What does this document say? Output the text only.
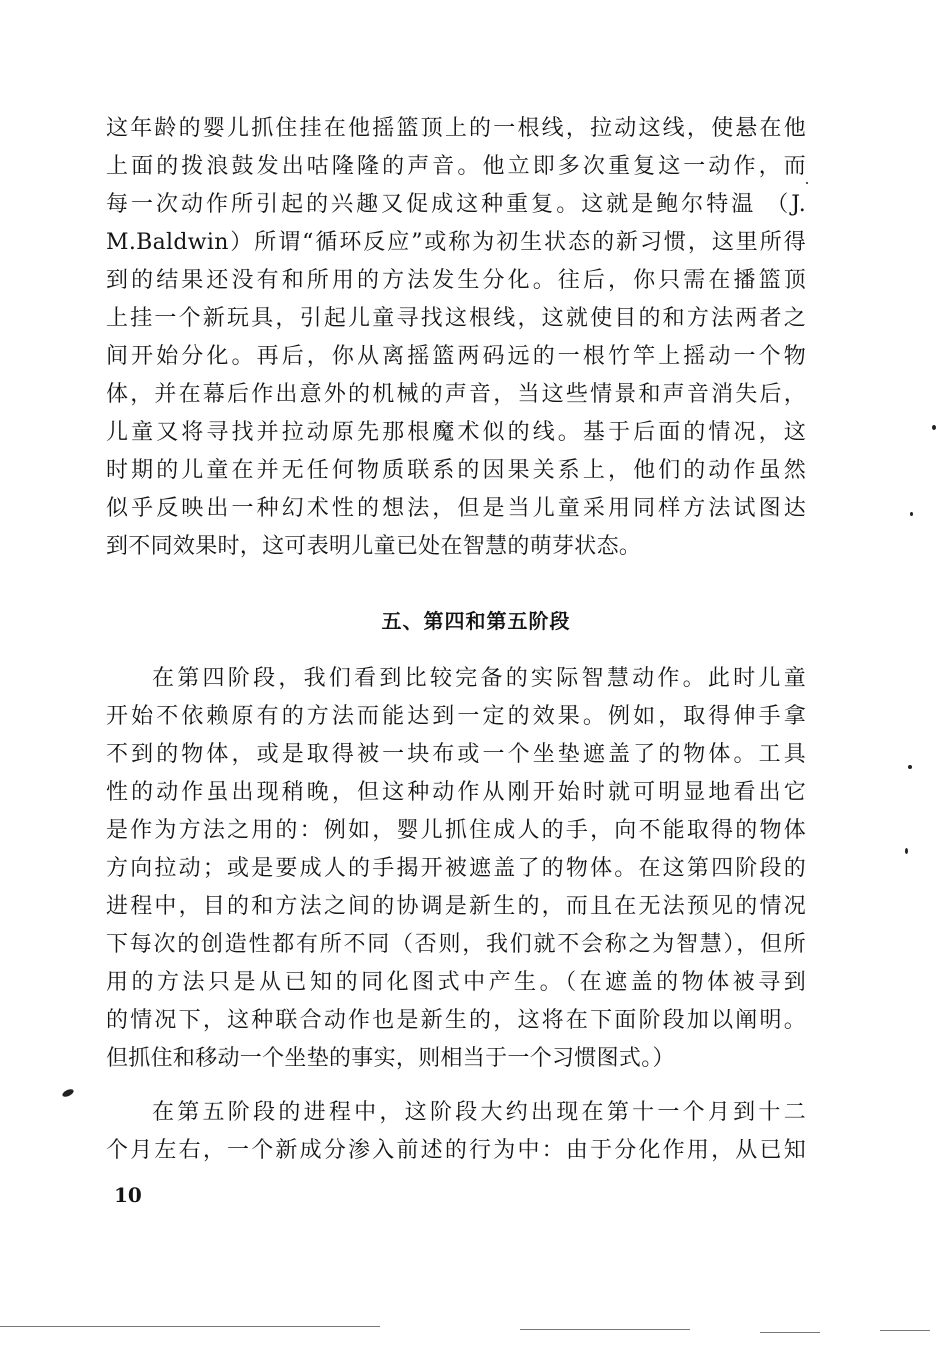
这年龄的婴儿抓住挂在他摇篮顶上的一根线，拉动这线，使悬在他
上面的拨浪鼓发出咕隆隆的声音。他立即多次重复这一动作，而
每一次动作所引起的兴趣又促成这种重复。这就是鲍尔特温 （J.
M.Baldwin）所谓“循环反应”或称为初生状态的新习惯，这里所得
到的结果还没有和所用的方法发生分化。往后，你只需在播篮顶
上挂一个新玩具，引起儿童寻找这根线，这就使目的和方法两者之
间开始分化。再后，你从离摇篮两码远的一根竹竿上摇动一个物
体，并在幕后作出意外的机械的声音，当这些情景和声音消失后，
儿童又将寻找并拉动原先那根魔术似的线。基于后面的情况，这
时期的儿童在并无任何物质联系的因果关系上，他们的动作虽然
似乎反映出一种幻术性的想法，但是当儿童采用同样方法试图达
到不同效果时，这可表明儿童已处在智慧的萌芽状态。
五、第四和第五阶段
在第四阶段，我们看到比较完备的实际智慧动作。此时儿童
开始不依赖原有的方法而能达到一定的效果。例如，取得伸手拿
不到的物体，或是取得被一块布或一个坐垫遮盖了的物体。工具
性的动作虽出现稍晚，但这种动作从刚开始时就可明显地看出它
是作为方法之用的：例如，婴儿抓住成人的手，向不能取得的物体
方向拉动；或是要成人的手揭开被遮盖了的物体。在这第四阶段的
进程中，目的和方法之间的协调是新生的，而且在无法预见的情况
下每次的创造性都有所不同（否则，我们就不会称之为智慧），但所
用的方法只是从已知的同化图式中产生。（在遮盖的物体被寻到
的情况下，这种联合动作也是新生的，这将在下面阶段加以阐明。
但抓住和移动一个坐垫的事实，则相当于一个习惯图式。）
在第五阶段的进程中，这阶段大约出现在第十一个月到十二
个月左右，一个新成分渗入前述的行为中：由于分化作用，从已知
10
